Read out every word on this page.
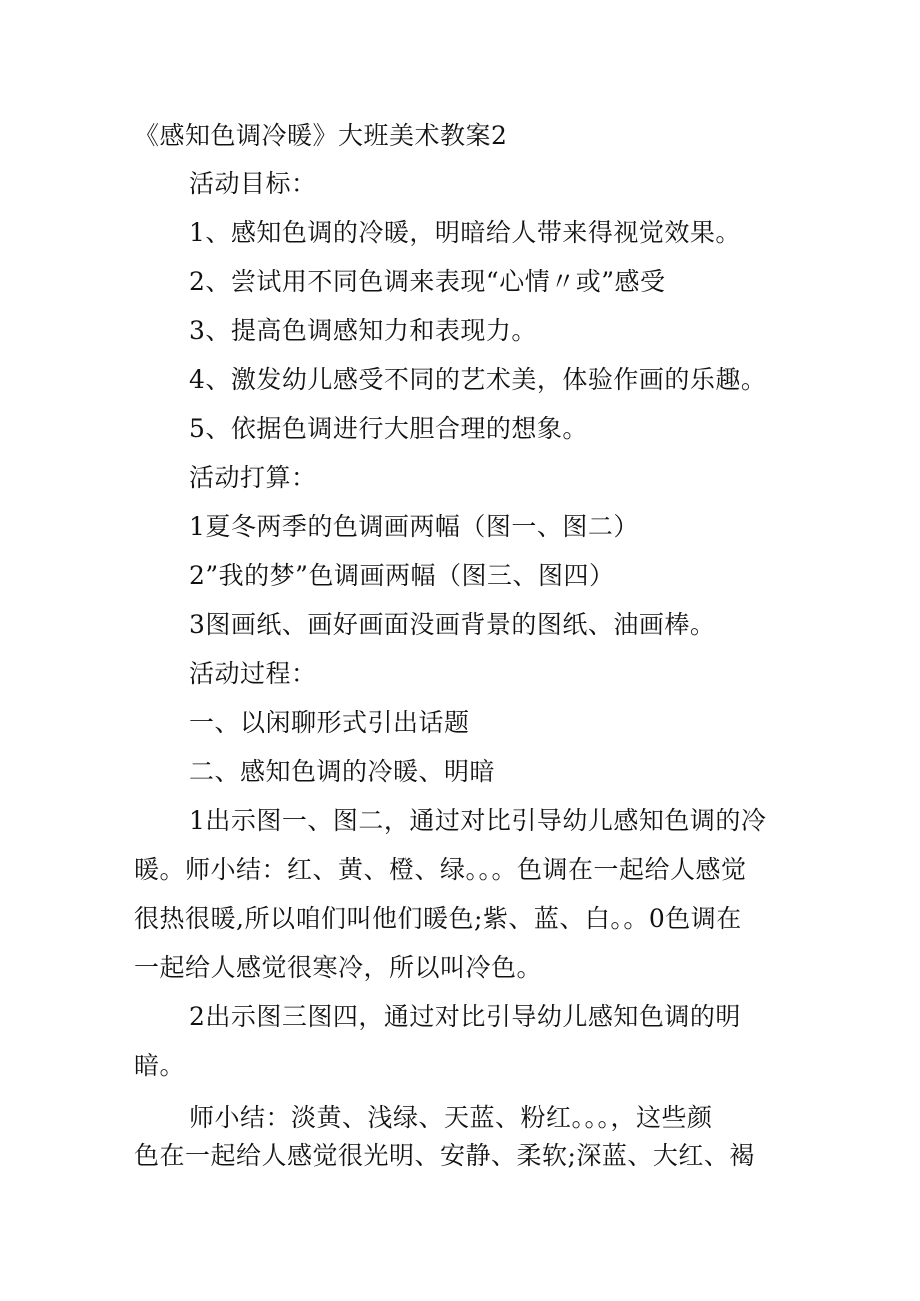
《感知色调冷暖》大班美术教案2
活动目标：
1、感知色调的冷暖，明暗给人带来得视觉效果。
2、尝试用不同色调来表现“心情〃或”感受
3、提高色调感知力和表现力。
4、激发幼儿感受不同的艺术美，体验作画的乐趣。
5、依据色调进行大胆合理的想象。
活动打算：
1夏冬两季的色调画两幅（图一、图二）
2”我的梦”色调画两幅（图三、图四）
3图画纸、画好画面没画背景的图纸、油画棒。
活动过程：
一、以闲聊形式引出话题
二、感知色调的冷暖、明暗
1出示图一、图二，通过对比引导幼儿感知色调的冷
暖。师小结：红、黄、橙、绿。。。色调在一起给人感觉
很热很暖,所以咱们叫他们暖色;紫、蓝、白。。0色调在
一起给人感觉很寒冷，所以叫冷色。
2出示图三图四，通过对比引导幼儿感知色调的明
暗。
师小结：淡黄、浅绿、天蓝、粉红。。。，这些颜
色在一起给人感觉很光明、安静、柔软;深蓝、大红、褐
